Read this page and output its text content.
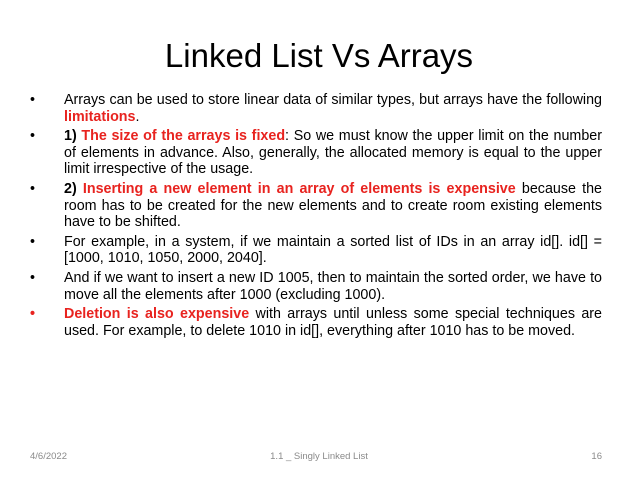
Linked List Vs Arrays
•	Arrays can be used to store linear data of similar types, but arrays have the following limitations.
•	1) The size of the arrays is fixed: So we must know the upper limit on the number of elements in advance. Also, generally, the allocated memory is equal to the upper limit irrespective of the usage.
•	2) Inserting a new element in an array of elements is expensive because the room has to be created for the new elements and to create room existing elements have to be shifted.
•	For example, in a system, if we maintain a sorted list of IDs in an array id[]. id[] = [1000, 1010, 1050, 2000, 2040].
•	And if we want to insert a new ID 1005, then to maintain the sorted order, we have to move all the elements after 1000 (excluding 1000).
•	Deletion is also expensive with arrays until unless some special techniques are used. For example, to delete 1010 in id[], everything after 1010 has to be moved.
4/6/2022	1.1 _ Singly Linked List	16
